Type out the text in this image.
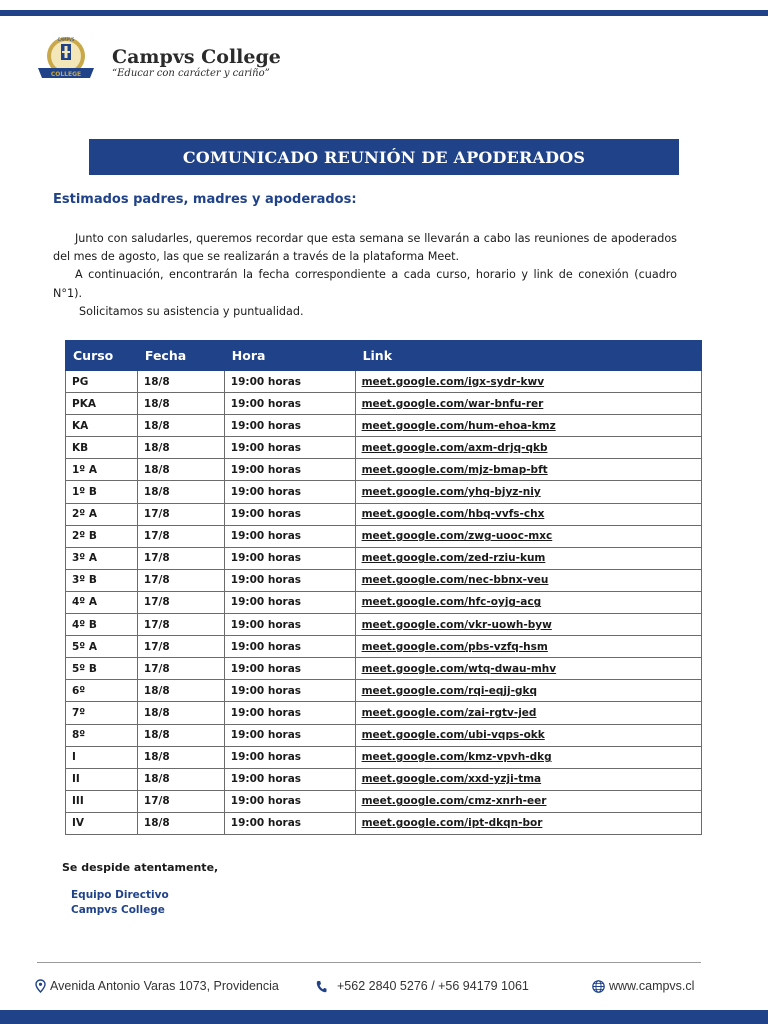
COLLEGE
CAMPVS
Campvs College
“Educar con carácter y cariño”
COMUNICADO REUNIÓN DE APODERADOS
Estimados padres, madres y apoderados:

Junto con saludarles, queremos recordar que esta semana se llevarán a cabo las reuniones de apoderados del mes de agosto, las que se realizarán a través de la plataforma Meet.

A continuación, encontrarán la fecha correspondiente a cada curso, horario y link de conexión (cuadro N°1).

Solicitamos su asistencia y puntualidad.

Curso	Fecha	Hora	Link
PG	18/8	19:00 horas	meet.google.com/igx-sydr-kwv
PKA	18/8	19:00 horas	meet.google.com/war-bnfu-rer
KA	18/8	19:00 horas	meet.google.com/hum-ehoa-kmz
KB	18/8	19:00 horas	meet.google.com/axm-drjq-qkb
1º A	18/8	19:00 horas	meet.google.com/mjz-bmap-bft
1º B	18/8	19:00 horas	meet.google.com/yhq-bjyz-niy
2º A	17/8	19:00 horas	meet.google.com/hbq-vvfs-chx
2º B	17/8	19:00 horas	meet.google.com/zwg-uooc-mxc
3º A	17/8	19:00 horas	meet.google.com/zed-rziu-kum
3º B	17/8	19:00 horas	meet.google.com/nec-bbnx-veu
4º A	17/8	19:00 horas	meet.google.com/hfc-oyjg-acg
4º B	17/8	19:00 horas	meet.google.com/vkr-uowh-byw
5º A	17/8	19:00 horas	meet.google.com/pbs-vzfq-hsm
5º B	17/8	19:00 horas	meet.google.com/wtq-dwau-mhv
6º	18/8	19:00 horas	meet.google.com/rqi-eqjj-gkq
7º	18/8	19:00 horas	meet.google.com/zai-rgtv-jed
8º	18/8	19:00 horas	meet.google.com/ubi-vqps-okk
I	18/8	19:00 horas	meet.google.com/kmz-vpvh-dkg
II	18/8	19:00 horas	meet.google.com/xxd-yzji-tma
III	17/8	19:00 horas	meet.google.com/cmz-xnrh-eer
IV	18/8	19:00 horas	meet.google.com/ipt-dkqn-bor
Se despide atentamente,
Equipo Directivo
Campvs College
Avenida Antonio Varas 1073, Providencia	+562 2840 5276 / +56 94179 1061	www.campvs.cl
